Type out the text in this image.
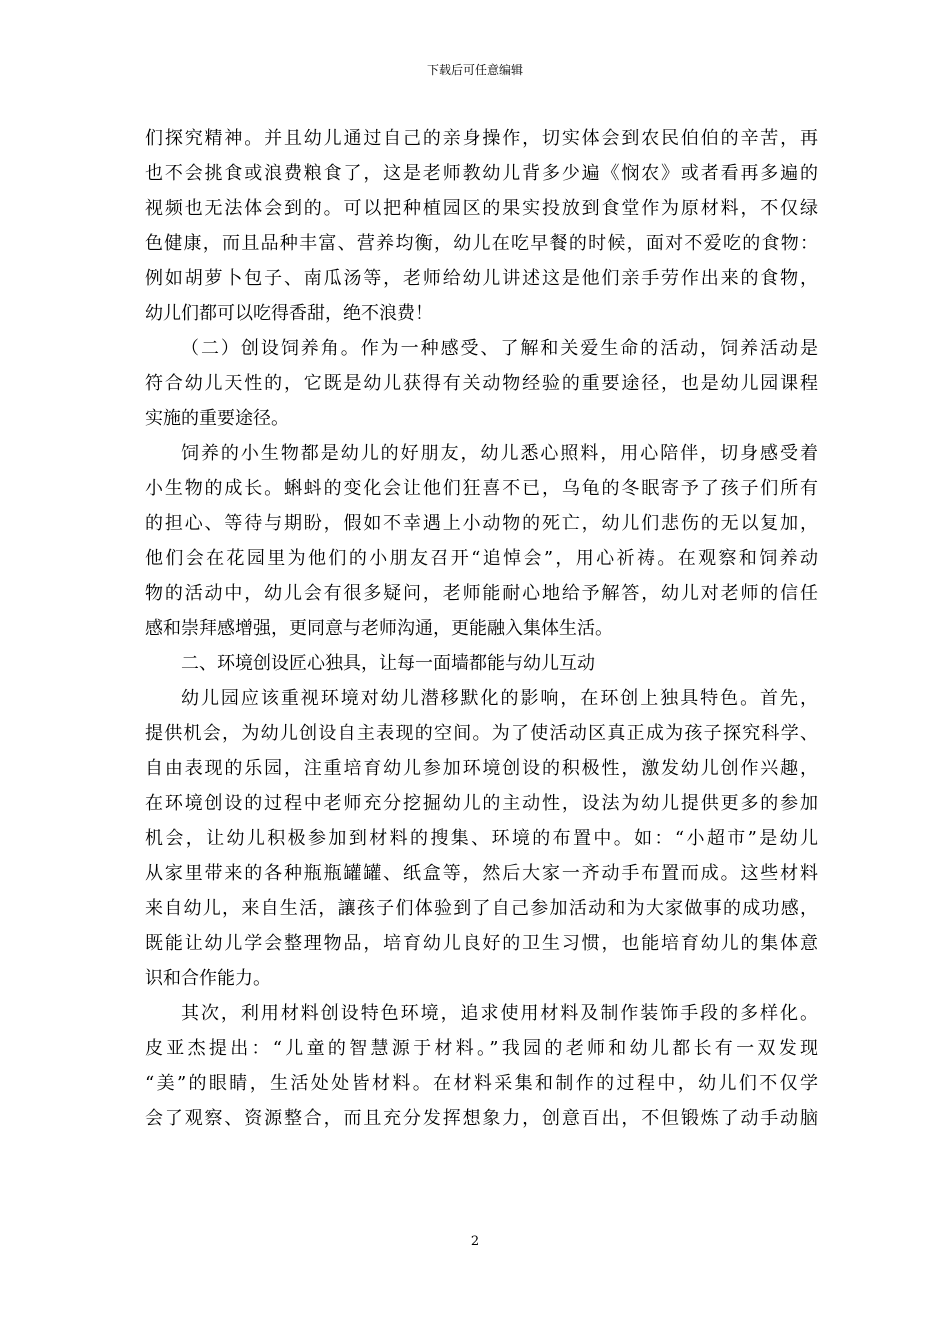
下载后可任意编辑
们探究精神。并且幼儿通过自己的亲身操作，切实体会到农民伯伯的辛苦，再
也不会挑食或浪费粮食了，这是老师教幼儿背多少遍《悯农》或者看再多遍的
视频也无法体会到的。可以把种植园区的果实投放到食堂作为原材料，不仅绿
色健康，而且品种丰富、营养均衡，幼儿在吃早餐的时候，面对不爱吃的食物：
例如胡萝卜包子、南瓜汤等，老师给幼儿讲述这是他们亲手劳作出来的食物，
幼儿们都可以吃得香甜，绝不浪费！
（二）创设饲养角。作为一种感受、了解和关爱生命的活动，饲养活动是
符合幼儿天性的，它既是幼儿获得有关动物经验的重要途径，也是幼儿园课程
实施的重要途径。
饲养的小生物都是幼儿的好朋友，幼儿悉心照料，用心陪伴，切身感受着
小生物的成长。蝌蚪的变化会让他们狂喜不已，乌龟的冬眠寄予了孩子们所有
的担心、等待与期盼，假如不幸遇上小动物的死亡，幼儿们悲伤的无以复加，
他们会在花园里为他们的小朋友召开“追悼会”，用心祈祷。在观察和饲养动
物的活动中，幼儿会有很多疑问，老师能耐心地给予解答，幼儿对老师的信任
感和崇拜感增强，更同意与老师沟通，更能融入集体生活。
二、环境创设匠心独具，让每一面墙都能与幼儿互动
幼儿园应该重视环境对幼儿潜移默化的影响，在环创上独具特色。首先，
提供机会，为幼儿创设自主表现的空间。为了使活动区真正成为孩子探究科学、
自由表现的乐园，注重培育幼儿参加环境创设的积极性，激发幼儿创作兴趣，
在环境创设的过程中老师充分挖掘幼儿的主动性，设法为幼儿提供更多的参加
机会，让幼儿积极参加到材料的搜集、环境的布置中。如：“小超市”是幼儿
从家里带来的各种瓶瓶罐罐、纸盒等，然后大家一齐动手布置而成。这些材料
来自幼儿，来自生活，讓孩子们体验到了自己参加活动和为大家做事的成功感，
既能让幼儿学会整理物品，培育幼儿良好的卫生习惯，也能培育幼儿的集体意
识和合作能力。
其次，利用材料创设特色环境，追求使用材料及制作装饰手段的多样化。
皮亚杰提出：“儿童的智慧源于材料。”我园的老师和幼儿都长有一双发现
“美”的眼睛，生活处处皆材料。在材料采集和制作的过程中，幼儿们不仅学
会了观察、资源整合，而且充分发挥想象力，创意百出，不但锻炼了动手动脑
2
